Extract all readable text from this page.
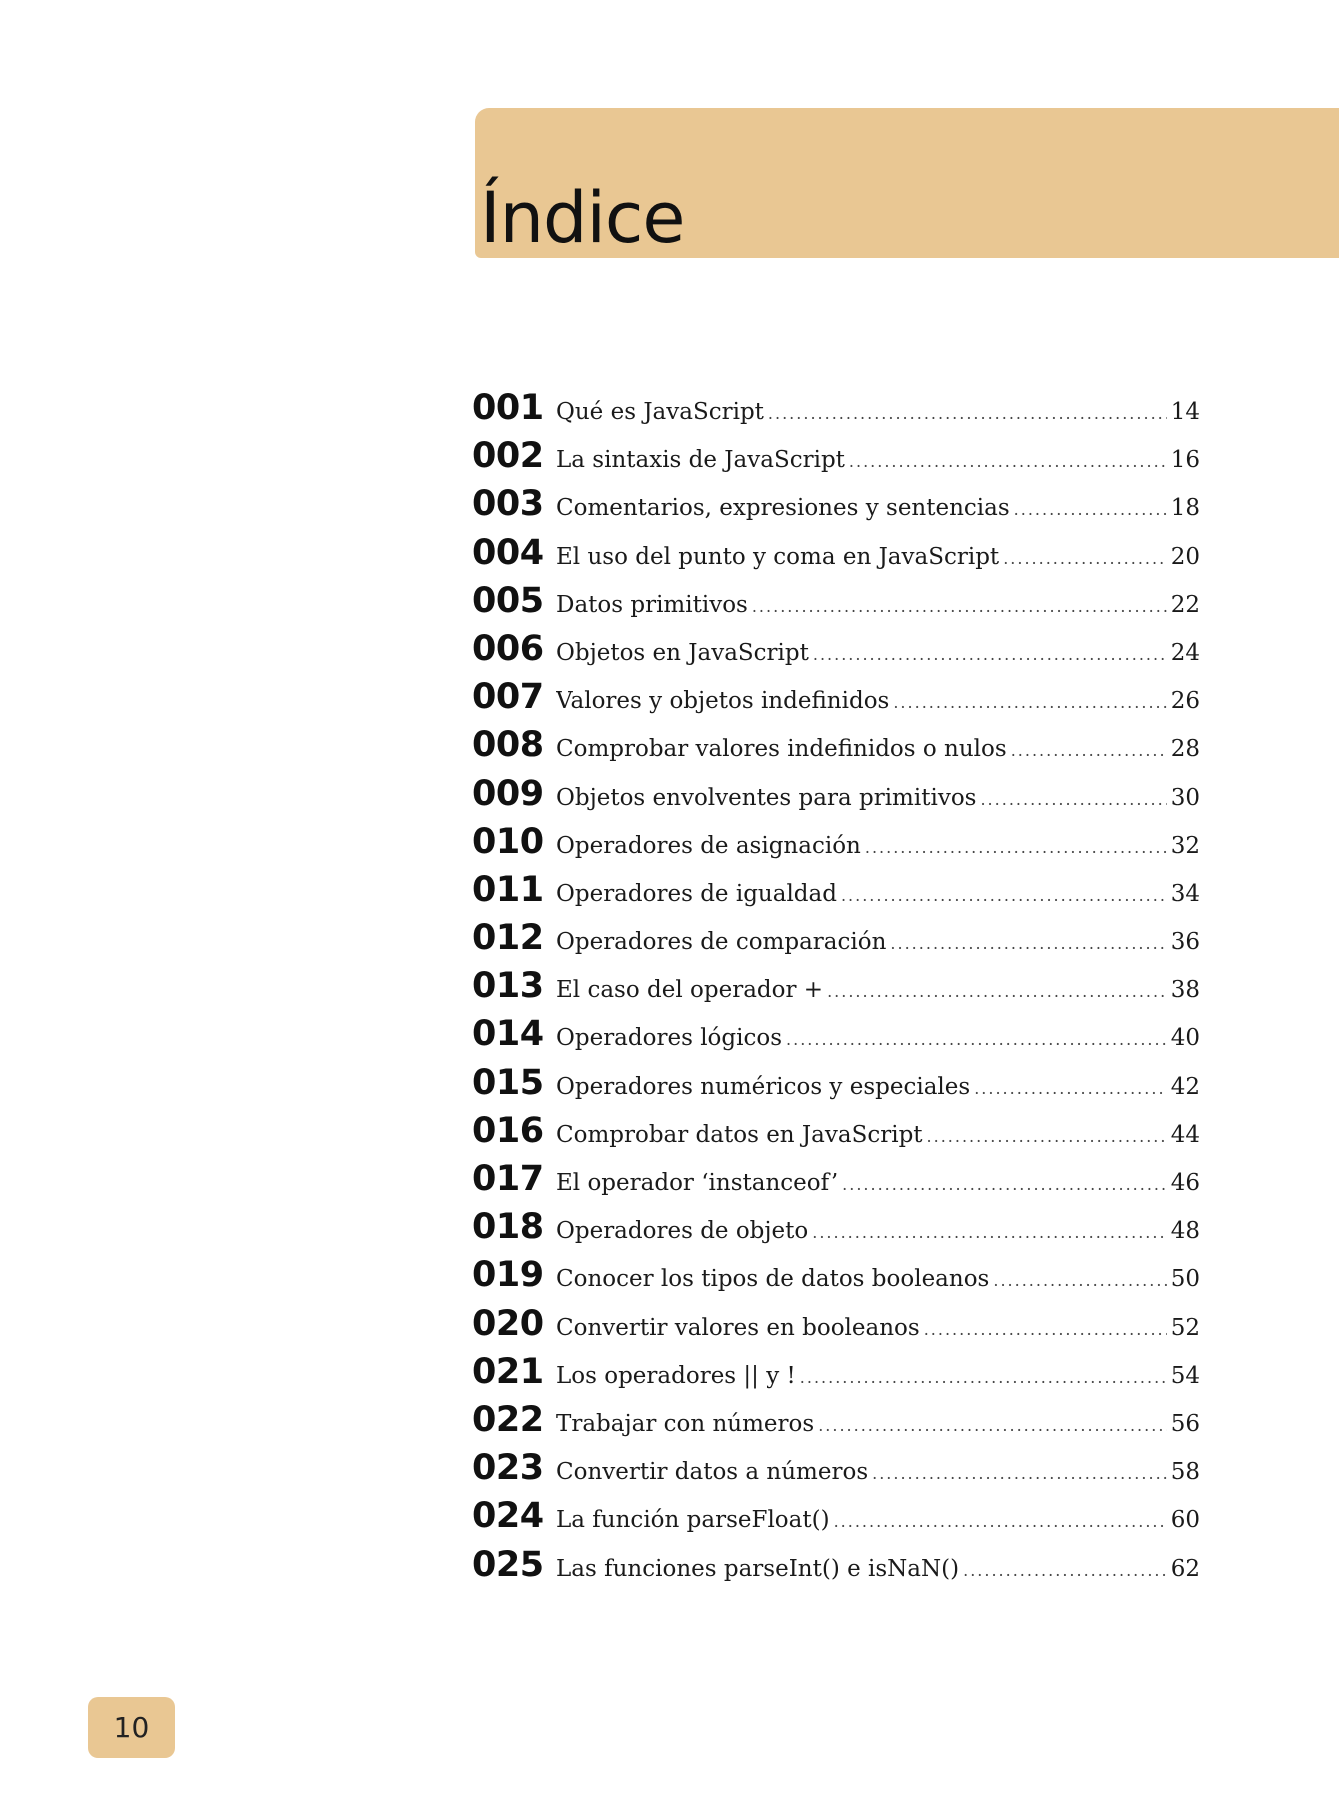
Índice
001 Qué es JavaScript .....	14
002 La sintaxis de JavaScript .....	16
003 Comentarios, expresiones y sentencias .....	18
004 El uso del punto y coma en JavaScript .....	20
005 Datos primitivos .....	22
006 Objetos en JavaScript .....	24
007 Valores y objetos indefinidos .....	26
008 Comprobar valores indefinidos o nulos .....	28
009 Objetos envolventes para primitivos .....	30
010 Operadores de asignación .....	32
011 Operadores de igualdad .....	34
012 Operadores de comparación .....	36
013 El caso del operador + .....	38
014 Operadores lógicos .....	40
015 Operadores numéricos y especiales .....	42
016 Comprobar datos en JavaScript .....	44
017 El operador ‘instanceof’ .....	46
018 Operadores de objeto .....	48
019 Conocer los tipos de datos booleanos .....	50
020 Convertir valores en booleanos .....	52
021 Los operadores || y ! .....	54
022 Trabajar con números .....	56
023 Convertir datos a números .....	58
024 La función parseFloat() .....	60
025 Las funciones parseInt() e isNaN() .....	62
10
